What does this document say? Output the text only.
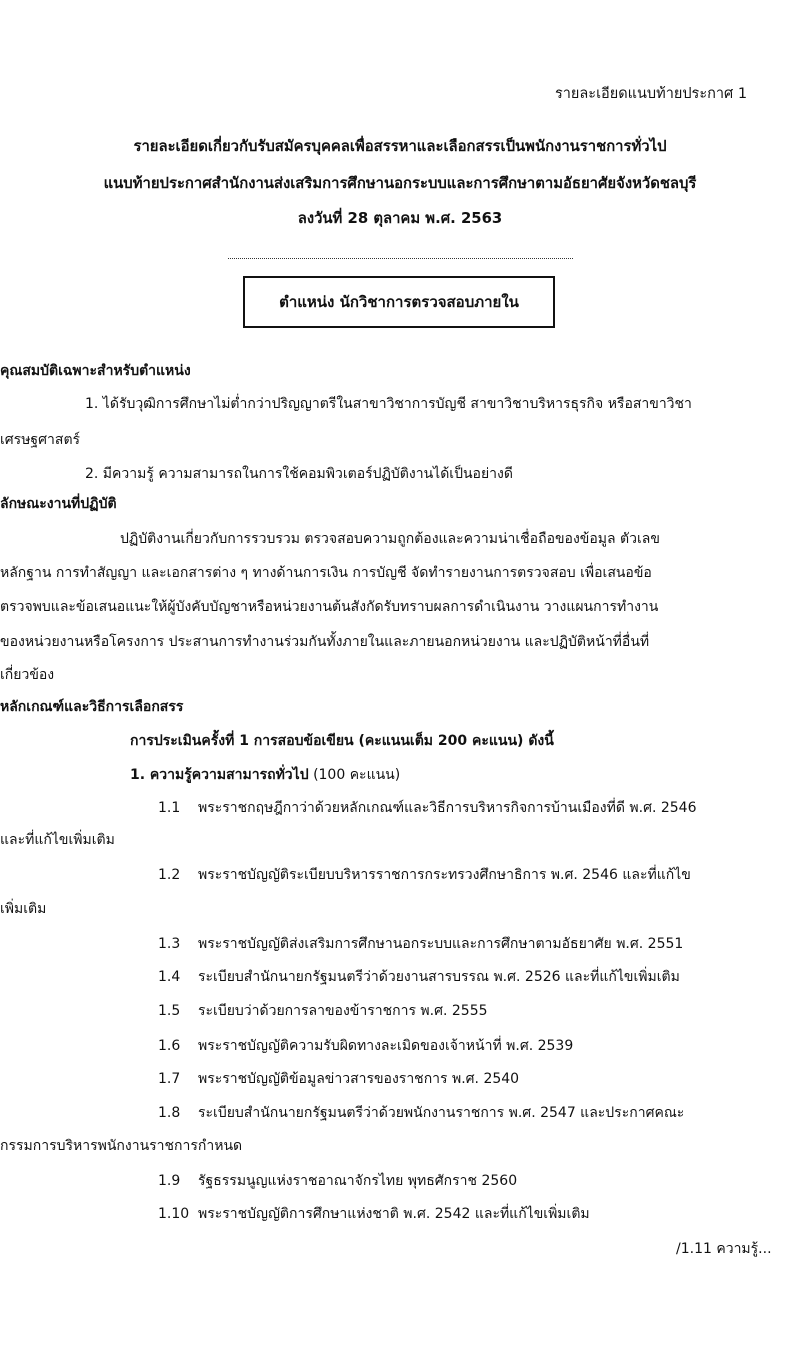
รายละเอียดแนบท้ายประกาศ 1
รายละเอียดเกี่ยวกับรับสมัครบุคคลเพื่อสรรหาและเลือกสรรเป็นพนักงานราชการทั่วไป
แนบท้ายประกาศสำนักงานส่งเสริมการศึกษานอกระบบและการศึกษาตามอัธยาศัยจังหวัดชลบุรี
ลงวันที่ 28 ตุลาคม พ.ศ. 2563
ตำแหน่ง นักวิชาการตรวจสอบภายใน
คุณสมบัติเฉพาะสำหรับตำแหน่ง
1. ได้รับวุฒิการศึกษาไม่ต่ำกว่าปริญญาตรีในสาขาวิชาการบัญชี สาขาวิชาบริหารธุรกิจ หรือสาขาวิชา
เศรษฐศาสตร์
2. มีความรู้ ความสามารถในการใช้คอมพิวเตอร์ปฏิบัติงานได้เป็นอย่างดี
ลักษณะงานที่ปฏิบัติ
ปฏิบัติงานเกี่ยวกับการรวบรวม ตรวจสอบความถูกต้องและความน่าเชื่อถือของข้อมูล ตัวเลข
หลักฐาน การทำสัญญา และเอกสารต่าง ๆ ทางด้านการเงิน การบัญชี จัดทำรายงานการตรวจสอบ เพื่อเสนอข้อ
ตรวจพบและข้อเสนอแนะให้ผู้บังคับบัญชาหรือหน่วยงานต้นสังกัดรับทราบผลการดำเนินงาน วางแผนการทำงาน
ของหน่วยงานหรือโครงการ ประสานการทำงานร่วมกันทั้งภายในและภายนอกหน่วยงาน และปฏิบัติหน้าที่อื่นที่
เกี่ยวข้อง
หลักเกณฑ์และวิธีการเลือกสรร
การประเมินครั้งที่ 1 การสอบข้อเขียน (คะแนนเต็ม 200 คะแนน) ดังนี้
1. ความรู้ความสามารถทั่วไป (100 คะแนน)
1.1 พระราชกฤษฎีกาว่าด้วยหลักเกณฑ์และวิธีการบริหารกิจการบ้านเมืองที่ดี พ.ศ. 2546
และที่แก้ไขเพิ่มเติม
1.2 พระราชบัญญัติระเบียบบริหารราชการกระทรวงศึกษาธิการ พ.ศ. 2546 และที่แก้ไข
เพิ่มเติม
1.3 พระราชบัญญัติส่งเสริมการศึกษานอกระบบและการศึกษาตามอัธยาศัย พ.ศ. 2551
1.4 ระเบียบสำนักนายกรัฐมนตรีว่าด้วยงานสารบรรณ พ.ศ. 2526 และที่แก้ไขเพิ่มเติม
1.5 ระเบียบว่าด้วยการลาของข้าราชการ พ.ศ. 2555
1.6 พระราชบัญญัติความรับผิดทางละเมิดของเจ้าหน้าที่ พ.ศ. 2539
1.7 พระราชบัญญัติข้อมูลข่าวสารของราชการ พ.ศ. 2540
1.8 ระเบียบสำนักนายกรัฐมนตรีว่าด้วยพนักงานราชการ พ.ศ. 2547 และประกาศคณะ
กรรมการบริหารพนักงานราชการกำหนด
1.9 รัฐธรรมนูญแห่งราชอาณาจักรไทย พุทธศักราช 2560
1.10 พระราชบัญญัติการศึกษาแห่งชาติ พ.ศ. 2542 และที่แก้ไขเพิ่มเติม
/1.11 ความรู้...
